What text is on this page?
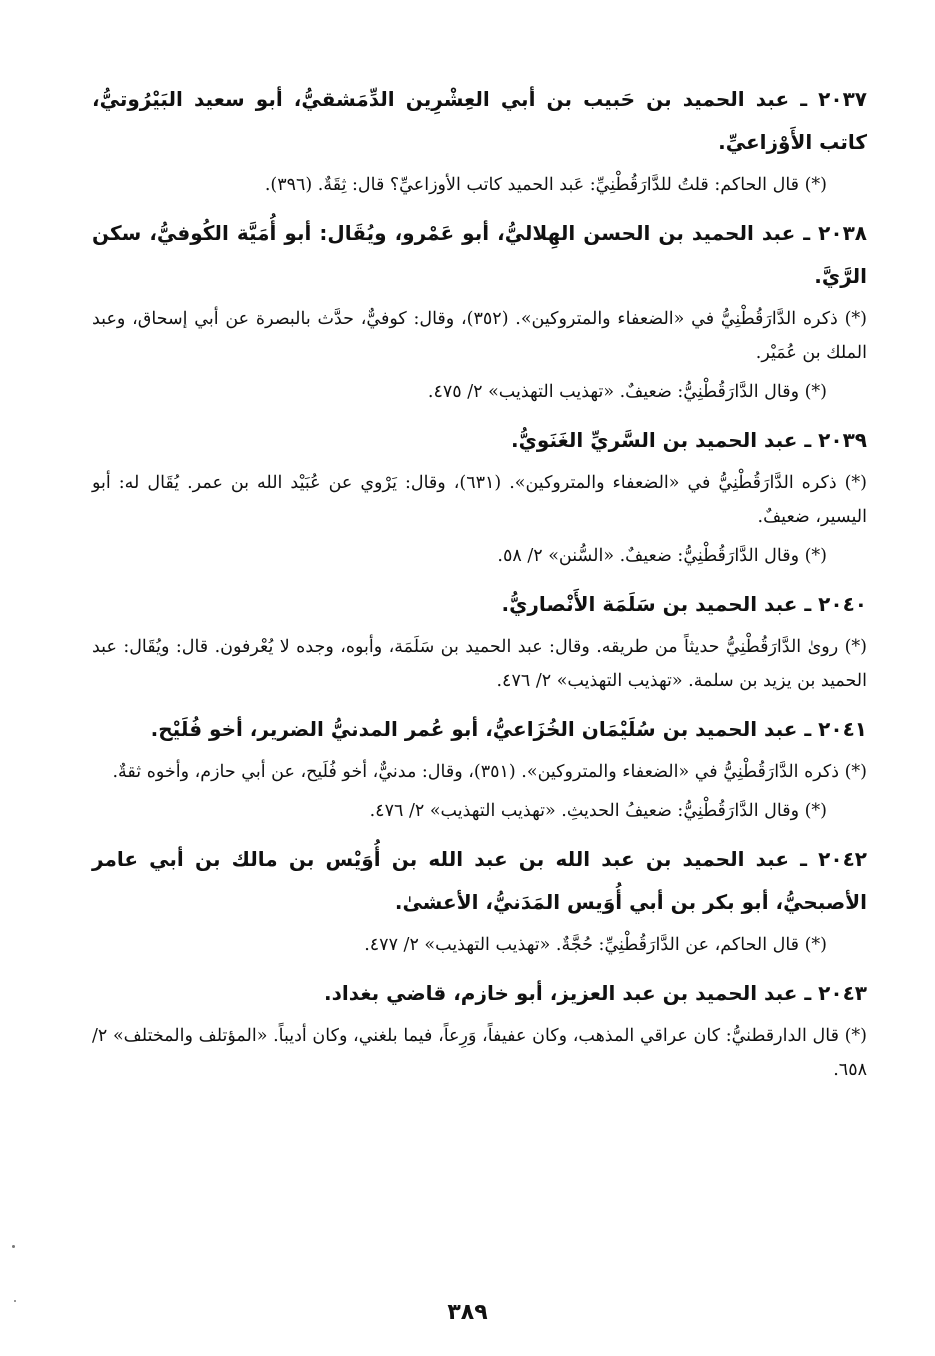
٢٠٣٧ ـ عبد الحميد بن حَبيب بن أبي العِشْرِين الدِّمَشقيُّ، أبو سعيد البَيْرُوتيُّ، كاتب الأَوْزاعيِّ.

(*) قال الحاكم: قلتُ للدَّارَقُطْنِيِّ: عَبد الحميد كاتب الأوزاعيِّ؟ قال: ثِقَةٌ. (٣٩٦).

٢٠٣٨ ـ عبد الحميد بن الحسن الهِلاليُّ، أبو عَمْرو، ويُقَال: أبو أُمَيَّة الكُوفيُّ، سكن الرَّيَّ.

(*) ذكره الدَّارَقُطْنِيُّ في «الضعفاء والمتروكين». (٣٥٢)، وقال: كوفيٌّ، حدَّث بالبصرة عن أبي إسحاق، وعبد الملك بن عُمَيْر.

(*) وقال الدَّارَقُطْنِيُّ: ضعيفٌ. «تهذيب التهذيب» ٢/ ٤٧٥.

٢٠٣٩ ـ عبد الحميد بن السَّريِّ الغَنَويُّ.

(*) ذكره الدَّارَقُطْنِيُّ في «الضعفاء والمتروكين». (٦٣١)، وقال: يَرْوي عن عُبَيْد الله بن عمر. يُقَال له: أبو اليسير، ضعيفٌ.

(*) وقال الدَّارَقُطْنِيُّ: ضعيفٌ. «السُّنن» ٢/ ٥٨.

٢٠٤٠ ـ عبد الحميد بن سَلَمَة الأَنْصاريُّ.

(*) روىٰ الدَّارَقُطْنِيُّ حديثاً من طريقه. وقال: عبد الحميد بن سَلَمَة، وأبوه، وجده لا يُعْرفون. قال: ويُقَال: عبد الحميد بن يزيد بن سلمة. «تهذيب التهذيب» ٢/ ٤٧٦.

٢٠٤١ ـ عبد الحميد بن سُلَيْمَان الخُزَاعيُّ، أبو عُمر المدنيُّ الضرير، أخو فُلَيْح.

(*) ذكره الدَّارَقُطْنِيُّ في «الضعفاء والمتروكين». (٣٥١)، وقال: مدنيٌّ، أخو فُلَيح، عن أبي حازم، وأخوه ثقةٌ.

(*) وقال الدَّارَقُطْنِيُّ: ضعيفُ الحديثِ. «تهذيب التهذيب» ٢/ ٤٧٦.

٢٠٤٢ ـ عبد الحميد بن عبد الله بن عبد الله بن أُوَيْس بن مالك بن أبي عامر الأصبحيُّ، أبو بكر بن أبي أُوَيس المَدَنيُّ، الأعشىٰ.

(*) قال الحاكم، عن الدَّارَقُطْنِيِّ: حُجَّةٌ. «تهذيب التهذيب» ٢/ ٤٧٧.

٢٠٤٣ ـ عبد الحميد بن عبد العزيز، أبو خازم، قاضي بغداد.

(*) قال الدارقطنيُّ: كان عراقي المذهب، وكان عفيفاً، وَرِعاً، فيما بلغني، وكان أديباً. «المؤتلف والمختلف» ٢/ ٦٥٨.

٣٨٩
